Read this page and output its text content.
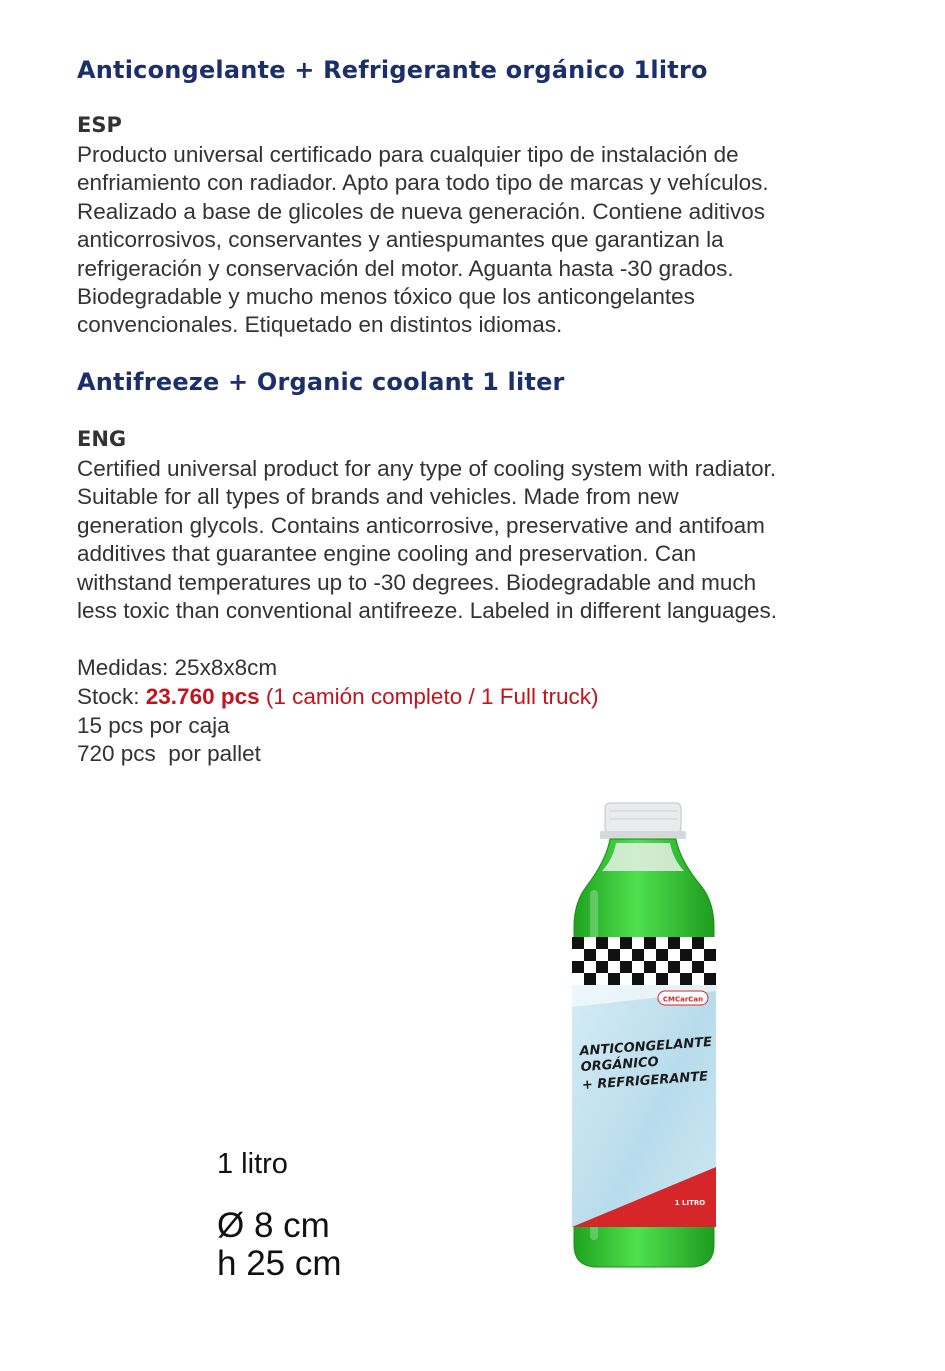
Anticongelante + Refrigerante orgánico 1litro
ESP
Producto universal certificado para cualquier tipo de instalación de
enfriamiento con radiador. Apto para todo tipo de marcas y vehículos.
Realizado a base de glicoles de nueva generación. Contiene aditivos
anticorrosivos, conservantes y antiespumantes que garantizan la
refrigeración y conservación del motor. Aguanta hasta -30 grados.
Biodegradable y mucho menos tóxico que los anticongelantes
convencionales. Etiquetado en distintos idiomas.
Antifreeze + Organic coolant 1 liter
ENG
Certified universal product for any type of cooling system with radiator.
Suitable for all types of brands and vehicles. Made from new
generation glycols. Contains anticorrosive, preservative and antifoam
additives that guarantee engine cooling and preservation. Can
withstand temperatures up to -30 degrees. Biodegradable and much
less toxic than conventional antifreeze. Labeled in different languages.
Medidas: 25x8x8cm
Stock: 23.760 pcs (1 camión completo / 1 Full truck)
15 pcs por caja
720 pcs  por pallet
1 litro
Ø 8 cm
h 25 cm
CMCarCan
ANTICONGELANTE
ORGÁNICO
+ REFRIGERANTE
1 LITRO
